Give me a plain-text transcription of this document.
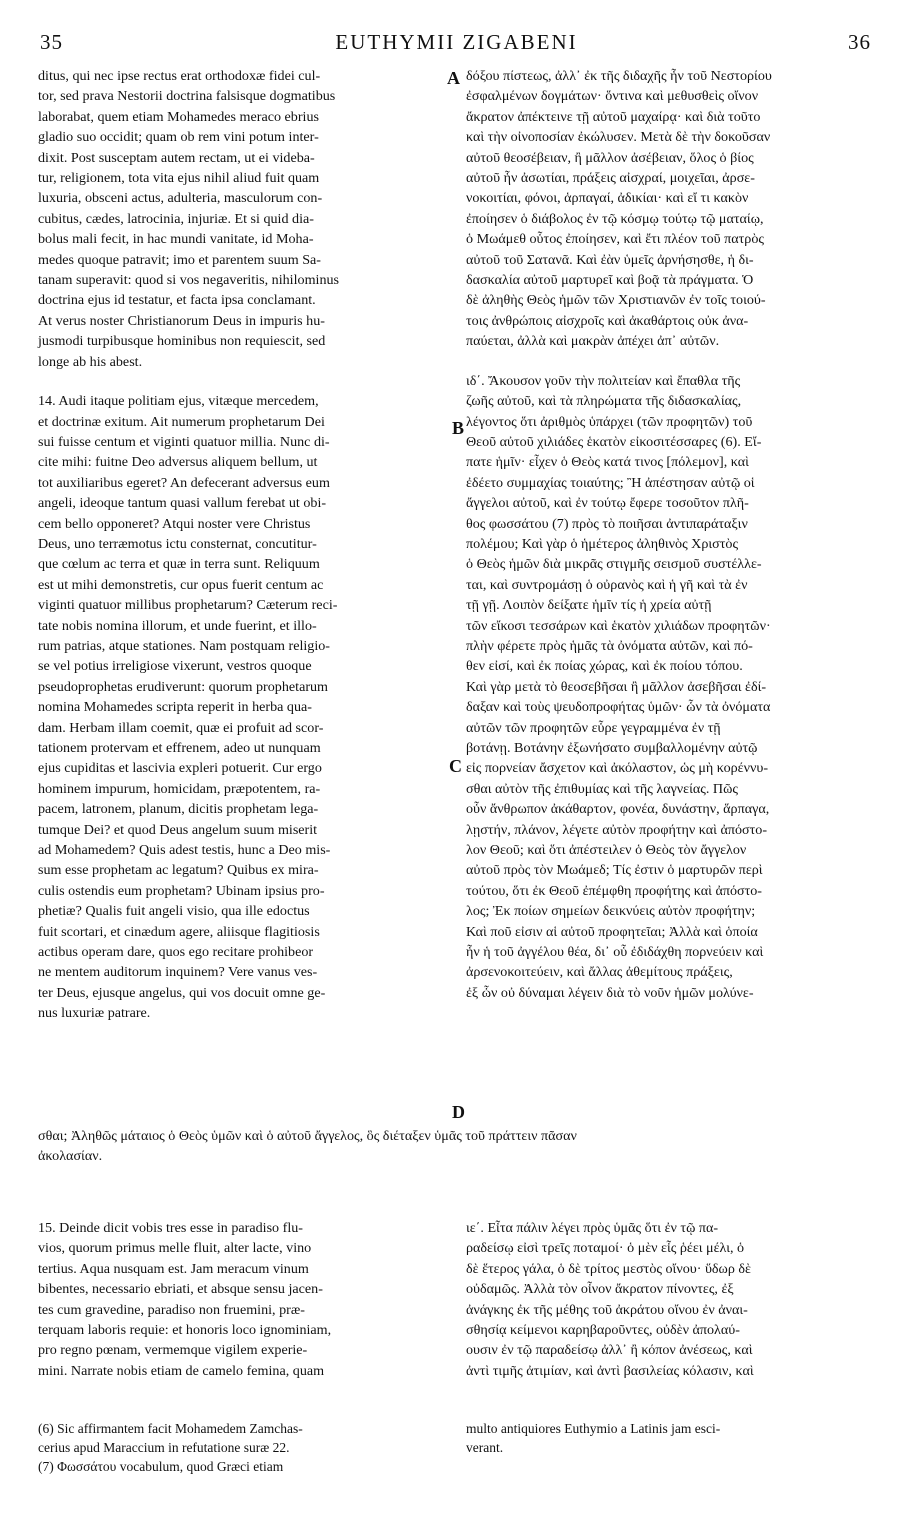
35	EUTHYMII ZIGABENI	36
A
B
C
D

ditus, qui nec ipse rectus erat orthodoxæ fidei cul-
tor, sed prava Nestorii doctrina falsisque dogmatibus
laborabat, quem etiam Mohamedes meraco ebrius
gladio suo occidit; quam ob rem vini potum inter-
dixit. Post susceptam autem rectam, ut ei videba-
tur, religionem, tota vita ejus nihil aliud fuit quam
luxuria, obsceni actus, adulteria, masculorum con-
cubitus, cædes, latrocinia, injuriæ. Et si quid dia-
bolus mali fecit, in hac mundi vanitate, id Moha-
medes quoque patravit; imo et parentem suum Sa-
tanam superavit: quod si vos negaveritis, nihilominus
doctrina ejus id testatur, et facta ipsa conclamant.
At verus noster Christianorum Deus in impuris hu-
jusmodi turpibusque hominibus non requiescit, sed
longe ab his abest.

14. Audi itaque politiam ejus, vitæque mercedem,
et doctrinæ exitum. Ait numerum prophetarum Dei
sui fuisse centum et viginti quatuor millia. Nunc di-
cite mihi: fuitne Deo adversus aliquem bellum, ut
tot auxiliaribus egeret? An defecerant adversus eum
angeli, ideoque tantum quasi vallum ferebat ut obi-
cem bello opponeret? Atqui noster vere Christus
Deus, uno terræmotus ictu consternat, concutitur-
que cœlum ac terra et quæ in terra sunt. Reliquum
est ut mihi demonstretis, cur opus fuerit centum ac
viginti quatuor millibus prophetarum? Cæterum reci-
tate nobis nomina illorum, et unde fuerint, et illo-
rum patrias, atque stationes. Nam postquam religio-
se vel potius irreligiose vixerunt, vestros quoque
pseudoprophetas erudiverunt: quorum prophetarum
nomina Mohamedes scripta reperit in herba qua-
dam. Herbam illam coemit, quæ ei profuit ad scor-
tationem protervam et effrenem, adeo ut nunquam
ejus cupiditas et lascivia expleri potuerit. Cur ergo
hominem impurum, homicidam, præpotentem, ra-
pacem, latronem, planum, dicitis prophetam lega-
tumque Dei? et quod Deus angelum suum miserit
ad Mohamedem? Quis adest testis, hunc a Deo mis-
sum esse prophetam ac legatum? Quibus ex mira-
culis ostendis eum prophetam? Ubinam ipsius pro-
phetiæ? Qualis fuit angeli visio, qua ille edoctus
fuit scortari, et cinædum agere, aliisque flagitiosis
actibus operam dare, quos ego recitare prohibeor
ne mentem auditorum inquinem? Vere vanus ves-
ter Deus, ejusque angelus, qui vos docuit omne ge-
nus luxuriæ patrare.

δόξου πίστεως, ἀλλ᾽ ἐκ τῆς διδαχῆς ἦν τοῦ Νεστορίου
ἐσφαλμένων δογμάτων· ὅντινα καὶ μεθυσθεὶς οἴνον
ἄκρατον ἀπέκτεινε τῇ αὐτοῦ μαχαίρᾳ· καὶ διὰ τοῦτο
καὶ τὴν οἰνοποσίαν ἐκώλυσεν. Μετὰ δὲ τὴν δοκοῦσαν
αὐτοῦ θεοσέβειαν, ἢ μᾶλλον ἀσέβειαν, ὅλος ὁ βίος
αὐτοῦ ἦν ἀσωτίαι, πράξεις αἰσχραί, μοιχεῖαι, ἀρσε-
νοκοιτίαι, φόνοι, ἁρπαγαί, ἀδικίαι· καὶ εἴ τι κακὸν
ἐποίησεν ὁ διάβολος ἐν τῷ κόσμῳ τούτῳ τῷ ματαίῳ,
ὁ Μωάμεθ οὗτος ἐποίησεν, καὶ ἔτι πλέον τοῦ πατρὸς
αὐτοῦ τοῦ Σατανᾶ. Καὶ ἐὰν ὑμεῖς ἀρνήσησθε, ἡ δι-
δασκαλία αὐτοῦ μαρτυρεῖ καὶ βοᾷ τὰ πράγματα. Ὁ
δὲ ἀληθὴς Θεὸς ἡμῶν τῶν Χριστιανῶν ἐν τοῖς τοιού-
τοις ἀνθρώποις αἰσχροῖς καὶ ἀκαθάρτοις οὐκ ἀνα-
παύεται, ἀλλὰ καὶ μακρὰν ἀπέχει ἀπ᾽ αὐτῶν.

ιδ΄. Ἄκουσον γοῦν τὴν πολιτείαν καὶ ἔπαθλα τῆς
ζωῆς αὐτοῦ, καὶ τὰ πληρώματα τῆς διδασκαλίας,
λέγοντος ὅτι ἀριθμὸς ὑπάρχει (τῶν προφητῶν) τοῦ
Θεοῦ αὐτοῦ χιλιάδες ἑκατὸν εἰκοσιτέσσαρες (6). Εἴ-
πατε ἡμῖν· εἶχεν ὁ Θεὸς κατά τινος [πόλεμον], καὶ
ἐδέετο συμμαχίας τοιαύτης; Ἢ ἀπέστησαν αὐτῷ οἱ
ἄγγελοι αὐτοῦ, καὶ ἐν τούτῳ ἔφερε τοσοῦτον πλῆ-
θος φωσσάτου (7) πρὸς τὸ ποιῆσαι ἀντιπαράταξιν
πολέμου; Καὶ γὰρ ὁ ἡμέτερος ἀληθινὸς Χριστὸς
ὁ Θεὸς ἡμῶν διὰ μικρᾶς στιγμῆς σεισμοῦ συστέλλε-
ται, καὶ συντρομάσῃ ὁ οὐρανὸς καὶ ἡ γῆ καὶ τὰ ἐν
τῇ γῇ. Λοιπὸν δείξατε ἡμῖν τίς ἡ χρεία αὐτῇ
τῶν εἴκοσι τεσσάρων καὶ ἑκατὸν χιλιάδων προφητῶν·
πλὴν φέρετε πρὸς ἡμᾶς τὰ ὀνόματα αὐτῶν, καὶ πό-
θεν εἰσί, καὶ ἐκ ποίας χώρας, καὶ ἐκ ποίου τόπου.
Καὶ γὰρ μετὰ τὸ θεοσεβῆσαι ἢ μᾶλλον ἀσεβῆσαι ἐδί-
δαξαν καὶ τοὺς ψευδοπροφήτας ὑμῶν· ὧν τὰ ὀνόματα
αὐτῶν τῶν προφητῶν εὗρε γεγραμμένα ἐν τῇ
βοτάνῃ. Βοτάνην ἐξωνήσατο συμβαλλομένην αὐτῷ
εἰς πορνείαν ἄσχετον καὶ ἀκόλαστον, ὡς μὴ κορέννυ-
σθαι αὐτὸν τῆς ἐπιθυμίας καὶ τῆς λαγνείας. Πῶς
οὖν ἄνθρωπον ἀκάθαρτον, φονέα, δυνάστην, ἅρπαγα,
λῃστήν, πλάνον, λέγετε αὐτὸν προφήτην καὶ ἀπόστο-
λον Θεοῦ; καὶ ὅτι ἀπέστειλεν ὁ Θεὸς τὸν ἄγγελον
αὐτοῦ πρὸς τὸν Μωάμεδ; Τίς ἐστιν ὁ μαρτυρῶν περὶ
τούτου, ὅτι ἐκ Θεοῦ ἐπέμφθη προφήτης καὶ ἀπόστο-
λος; Ἐκ ποίων σημείων δεικνύεις αὐτὸν προφήτην;
Καὶ ποῦ εἰσιν αἱ αὐτοῦ προφητεῖαι; Ἀλλὰ καὶ ὁποία
ἦν ἡ τοῦ ἀγγέλου θέα, δι᾽ οὗ ἐδιδάχθη πορνεύειν καὶ
ἀρσενοκοιτεύειν, καὶ ἄλλας ἀθεμίτους πράξεις,
ἐξ ὧν οὐ δύναμαι λέγειν διὰ τὸ νοῦν ἡμῶν μολύνε-

σθαι; Ἀληθῶς μάταιος ὁ Θεὸς ὑμῶν καὶ ὁ αὐτοῦ ἄγγελος, ὃς διέταξεν ὑμᾶς τοῦ πράττειν πᾶσαν
ἀκολασίαν.

15. Deinde dicit vobis tres esse in paradiso flu-
vios, quorum primus melle fluit, alter lacte, vino
tertius. Aqua nusquam est. Jam meracum vinum
bibentes, necessario ebriati, et absque sensu jacen-
tes cum gravedine, paradiso non fruemini, præ-
terquam laboris requie: et honoris loco ignominiam,
pro regno pœnam, vermemque vigilem experie-
mini. Narrate nobis etiam de camelo femina, quam

ιε΄. Εἶτα πάλιν λέγει πρὸς ὑμᾶς ὅτι ἐν τῷ πα-
ραδείσῳ εἰσὶ τρεῖς ποταμοί· ὁ μὲν εἷς ῥέει μέλι, ὁ
δὲ ἕτερος γάλα, ὁ δὲ τρίτος μεστὸς οἴνου· ὕδωρ δὲ
οὐδαμῶς. Ἀλλὰ τὸν οἶνον ἄκρατον πίνοντες, ἐξ
ἀνάγκης ἐκ τῆς μέθης τοῦ ἀκράτου οἴνου ἐν ἀναι-
σθησίᾳ κείμενοι καρηβαροῦντες, οὐδὲν ἀπολαύ-
ουσιν ἐν τῷ παραδείσῳ ἀλλ᾽ ἢ κόπον ἀνέσεως, καὶ
ἀντὶ τιμῆς ἀτιμίαν, καὶ ἀντὶ βασιλείας κόλασιν, καὶ

(6) Sic affirmantem facit Mohamedem Zamchas-
cerius apud Maraccium in refutatione suræ 22.
(7) Φωσσάτου vocabulum, quod Græci etiam
multo antiquiores Euthymio a Latinis jam esci-
verant.
